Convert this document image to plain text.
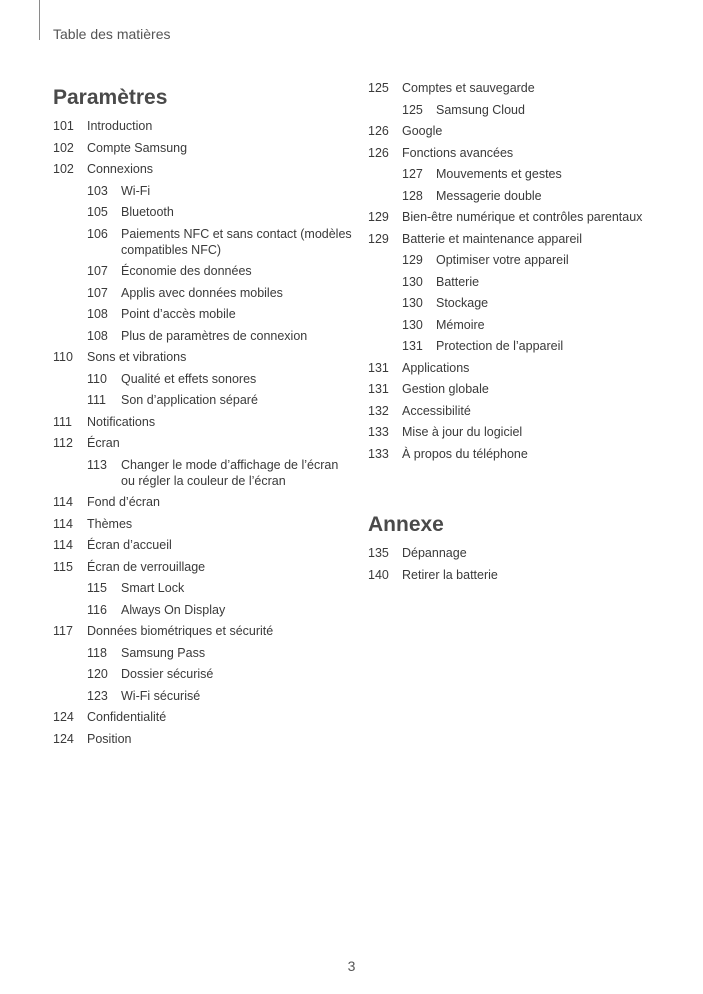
Table des matières
Paramètres
101	Introduction
102	Compte Samsung
102	Connexions
103	Wi-Fi
105	Bluetooth
106	Paiements NFC et sans contact (modèles compatibles NFC)
107	Économie des données
107	Applis avec données mobiles
108	Point d’accès mobile
108	Plus de paramètres de connexion
110	Sons et vibrations
110	Qualité et effets sonores
111	Son d’application séparé
111	Notifications
112	Écran
113	Changer le mode d’affichage de l’écran ou régler la couleur de l’écran
114	Fond d’écran
114	Thèmes
114	Écran d’accueil
115	Écran de verrouillage
115	Smart Lock
116	Always On Display
117	Données biométriques et sécurité
118	Samsung Pass
120	Dossier sécurisé
123	Wi-Fi sécurisé
124	Confidentialité
124	Position
125	Comptes et sauvegarde
125	Samsung Cloud
126	Google
126	Fonctions avancées
127	Mouvements et gestes
128	Messagerie double
129	Bien-être numérique et contrôles parentaux
129	Batterie et maintenance appareil
129	Optimiser votre appareil
130	Batterie
130	Stockage
130	Mémoire
131	Protection de l’appareil
131	Applications
131	Gestion globale
132	Accessibilité
133	Mise à jour du logiciel
133	À propos du téléphone
Annexe
135	Dépannage
140	Retirer la batterie
3
